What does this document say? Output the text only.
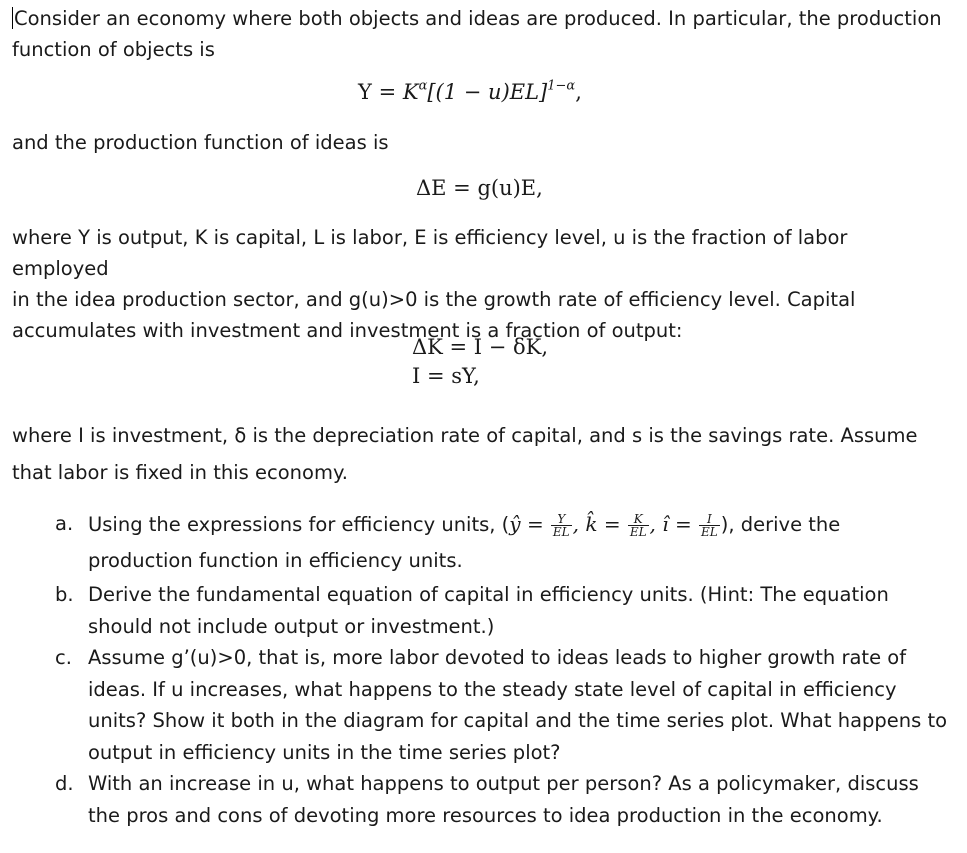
Consider an economy where both objects and ideas are produced. In particular, the production
function of objects is
$Y = K^\alpha[(1 - u)EL]^{1-\alpha}$,
and the production function of ideas is
ΔE = g(u)E,
where Y is output, K is capital, L is labor, E is efficiency level, u is the fraction of labor employed
in the idea production sector, and g(u)>0 is the growth rate of efficiency level. Capital
accumulates with investment and investment is a fraction of output:
ΔK = I − δK,
I = sY,
where I is investment, δ is the depreciation rate of capital, and s is the savings rate. Assume
that labor is fixed in this economy.
a. Using the expressions for efficiency units, (ŷ = $\frac{Y}{EL}$ , k̂ = $\frac{K}{EL}$ , î = $\frac{I}{EL}$ ), derive the
production function in efficiency units.
b. Derive the fundamental equation of capital in efficiency units. (Hint: The equation
should not include output or investment.)
c. Assume g’(u)>0, that is, more labor devoted to ideas leads to higher growth rate of
ideas. If u increases, what happens to the steady state level of capital in efficiency
units? Show it both in the diagram for capital and the time series plot. What happens to
output in efficiency units in the time series plot?
d. With an increase in u, what happens to output per person? As a policymaker, discuss
the pros and cons of devoting more resources to idea production in the economy.
